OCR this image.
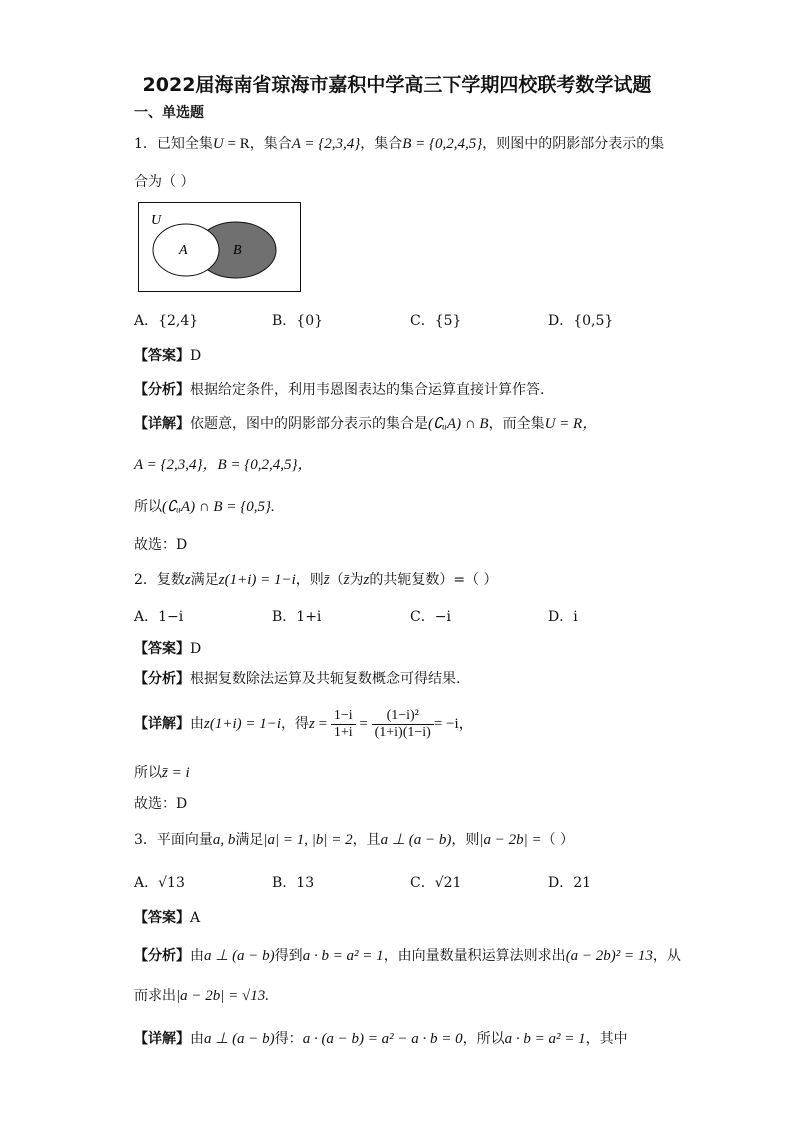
2022届海南省琼海市嘉积中学高三下学期四校联考数学试题
一、单选题
1．已知全集U = R，集合A = {2,3,4}，集合B = {0,2,4,5}，则图中的阴影部分表示的集
合为（ ）
U
A	B
A．{2,4}	B．{0}	C．{5}	D．{0,5}
【答案】D
【分析】根据给定条件，利用韦恩图表达的集合运算直接计算作答.
【详解】依题意，图中的阴影部分表示的集合是(∁ᵤA) ∩ B，而全集U = R，
A = {2,3,4}，B = {0,2,4,5}，
所以(∁ᵤA) ∩ B = {0,5}.
故选：D
2．复数z满足z(1+i) = 1−i，则z̄（z̄为z的共轭复数）=（ ）
A．1−i	B．1+i	C．−i	D．i
【答案】D
【分析】根据复数除法运算及共轭复数概念可得结果.
【详解】由z(1+i) = 1−i，得$z = \frac{1-i}{1+i} = \frac{\text{(1−i)²}}{(1+i)(1-i)} = -i$，
所以z̄ = i
故选：D
3．平面向量a, b满足|a| = 1, |b| = 2，且a ⊥ (a − b)，则|a − 2b| =（ ）
A．√13	B．13	C．√21	D．21
【答案】A
【分析】由a ⊥ (a − b)得到a · b = a² = 1，由向量数量积运算法则求出(a − 2b)² = 13，从
而求出|a − 2b| = √13.
【详解】由a ⊥ (a − b)得：a · (a − b) = a² − a · b = 0，所以a · b = a² = 1，其中
